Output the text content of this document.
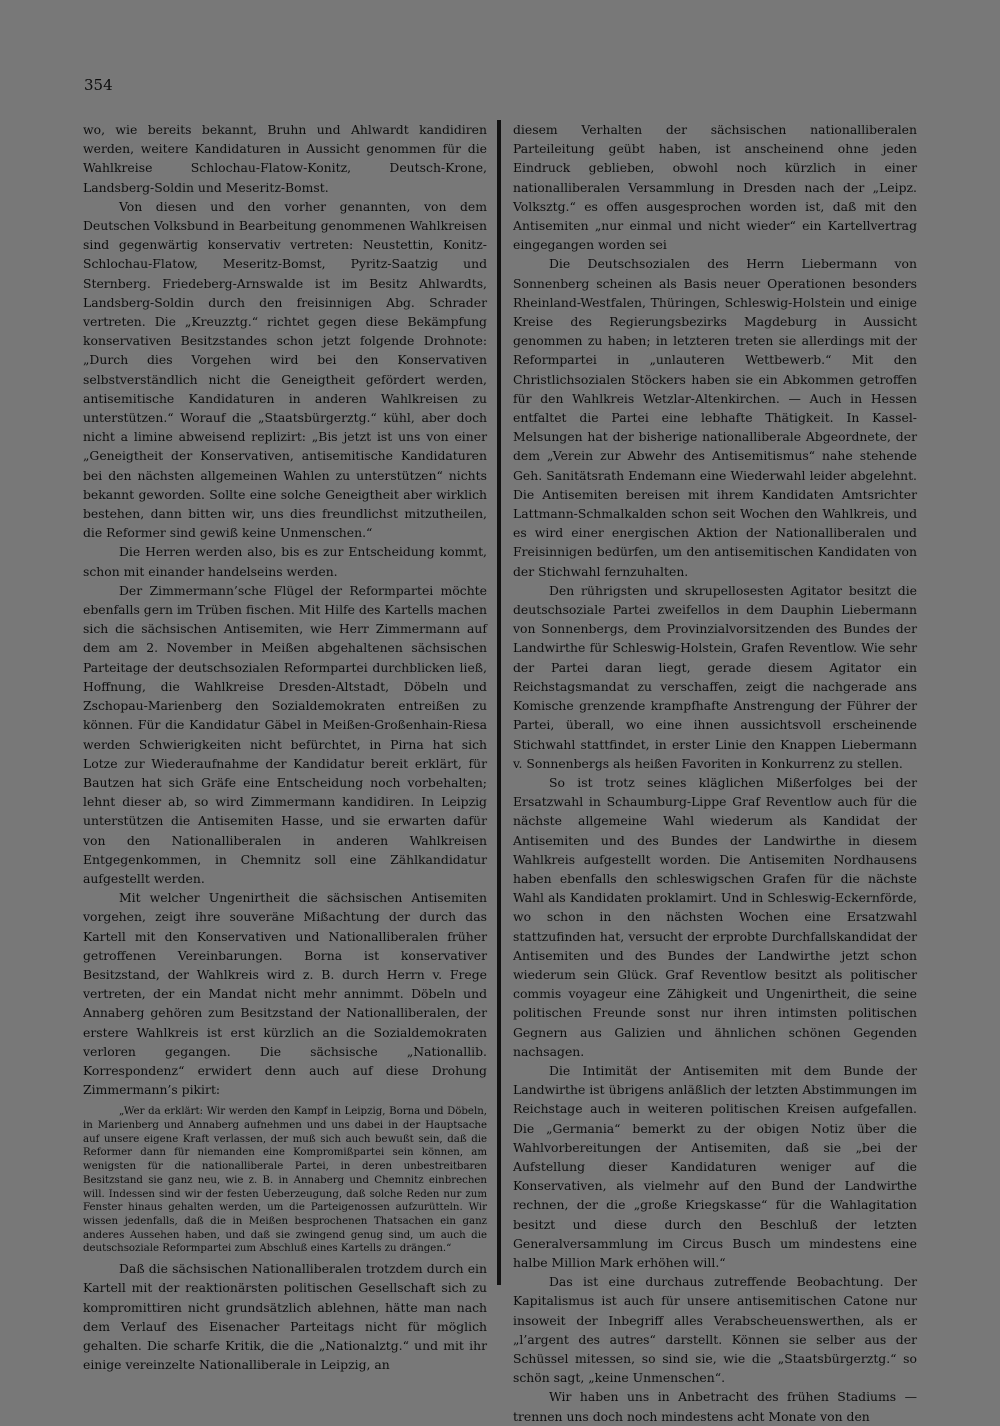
354

wo, wie bereits bekannt, Bruhn und Ahlwardt kandidiren werden, weitere Kandidaturen in Aussicht genommen für die Wahlkreise Schlochau-Flatow-Konitz, Deutsch-Krone, Landsberg-Soldin und Meseritz-Bomst.

Von diesen und den vorher genannten, von dem Deutschen Volksbund in Bearbeitung genommenen Wahlkreisen sind gegenwärtig konservativ vertreten: Neustettin, Konitz-Schlochau-Flatow, Meseritz-Bomst, Pyritz-Saatzig und Sternberg. Friedeberg-Arnswalde ist im Besitz Ahlwardts, Landsberg-Soldin durch den freisinnigen Abg. Schrader vertreten. Die „Kreuzztg.“ richtet gegen diese Bekämpfung konservativen Besitzstandes schon jetzt folgende Drohnote: „Durch dies Vorgehen wird bei den Konservativen selbstverständlich nicht die Geneigtheit gefördert werden, antisemitische Kandidaturen in anderen Wahlkreisen zu unterstützen.“ Worauf die „Staatsbürgerztg.“ kühl, aber doch nicht a limine abweisend replizirt: „Bis jetzt ist uns von einer „Geneigtheit der Konservativen, antisemitische Kandidaturen bei den nächsten allgemeinen Wahlen zu unterstützen“ nichts bekannt geworden. Sollte eine solche Geneigtheit aber wirklich bestehen, dann bitten wir, uns dies freundlichst mitzutheilen, die Reformer sind gewiß keine Unmenschen.“

Die Herren werden also, bis es zur Entscheidung kommt, schon mit einander handelseins werden.

Der Zimmermann’sche Flügel der Reformpartei möchte ebenfalls gern im Trüben fischen. Mit Hilfe des Kartells machen sich die sächsischen Antisemiten, wie Herr Zimmermann auf dem am 2. November in Meißen abgehaltenen sächsischen Parteitage der deutschsozialen Reformpartei durchblicken ließ, Hoffnung, die Wahlkreise Dresden-Altstadt, Döbeln und Zschopau-Marienberg den Sozialdemokraten entreißen zu können. Für die Kandidatur Gäbel in Meißen-Großenhain-Riesa werden Schwierigkeiten nicht befürchtet, in Pirna hat sich Lotze zur Wiederaufnahme der Kandidatur bereit erklärt, für Bautzen hat sich Gräfe eine Entscheidung noch vorbehalten; lehnt dieser ab, so wird Zimmermann kandidiren. In Leipzig unterstützen die Antisemiten Hasse, und sie erwarten dafür von den Nationalliberalen in anderen Wahlkreisen Entgegenkommen, in Chemnitz soll eine Zählkandidatur aufgestellt werden.

Mit welcher Ungenirtheit die sächsischen Antisemiten vorgehen, zeigt ihre souveräne Mißachtung der durch das Kartell mit den Konservativen und Nationalliberalen früher getroffenen Vereinbarungen. Borna ist konservativer Besitzstand, der Wahlkreis wird z. B. durch Herrn v. Frege vertreten, der ein Mandat nicht mehr annimmt. Döbeln und Annaberg gehören zum Besitzstand der Nationalliberalen, der erstere Wahlkreis ist erst kürzlich an die Sozialdemokraten verloren gegangen. Die sächsische „Nationallib. Korrespondenz“ erwidert denn auch auf diese Drohung Zimmermann’s pikirt:

„Wer da erklärt: Wir werden den Kampf in Leipzig, Borna und Döbeln, in Marienberg und Annaberg aufnehmen und uns dabei in der Hauptsache auf unsere eigene Kraft verlassen, der muß sich auch bewußt sein, daß die Reformer dann für niemanden eine Kompromißpartei sein können, am wenigsten für die nationalliberale Partei, in deren unbestreitbaren Besitzstand sie ganz neu, wie z. B. in Annaberg und Chemnitz einbrechen will. Indessen sind wir der festen Ueberzeugung, daß solche Reden nur zum Fenster hinaus gehalten werden, um die Parteigenossen aufzurütteln. Wir wissen jedenfalls, daß die in Meißen besprochenen Thatsachen ein ganz anderes Aussehen haben, und daß sie zwingend genug sind, um auch die deutschsoziale Reformpartei zum Abschluß eines Kartells zu drängen.“

Daß die sächsischen Nationalliberalen trotzdem durch ein Kartell mit der reaktionärsten politischen Gesellschaft sich zu kompromittiren nicht grundsätzlich ablehnen, hätte man nach dem Verlauf des Eisenacher Parteitags nicht für möglich gehalten. Die scharfe Kritik, die die „Nationalztg.“ und mit ihr einige vereinzelte Nationalliberale in Leipzig, an

diesem Verhalten der sächsischen nationalliberalen Parteileitung geübt haben, ist anscheinend ohne jeden Eindruck geblieben, obwohl noch kürzlich in einer nationalliberalen Versammlung in Dresden nach der „Leipz. Volksztg.“ es offen ausgesprochen worden ist, daß mit den Antisemiten „nur einmal und nicht wieder“ ein Kartellvertrag eingegangen worden sei

Die Deutschsozialen des Herrn Liebermann von Sonnenberg scheinen als Basis neuer Operationen besonders Rheinland-Westfalen, Thüringen, Schleswig-Holstein und einige Kreise des Regierungsbezirks Magdeburg in Aussicht genommen zu haben; in letzteren treten sie allerdings mit der Reformpartei in „unlauteren Wettbewerb.“ Mit den Christlichsozialen Stöckers haben sie ein Abkommen getroffen für den Wahlkreis Wetzlar-Altenkirchen. — Auch in Hessen entfaltet die Partei eine lebhafte Thätigkeit. In Kassel-Melsungen hat der bisherige nationalliberale Abgeordnete, der dem „Verein zur Abwehr des Antisemitismus“ nahe stehende Geh. Sanitätsrath Endemann eine Wiederwahl leider abgelehnt. Die Antisemiten bereisen mit ihrem Kandidaten Amtsrichter Lattmann-Schmalkalden schon seit Wochen den Wahlkreis, und es wird einer energischen Aktion der Nationalliberalen und Freisinnigen bedürfen, um den antisemitischen Kandidaten von der Stichwahl fernzuhalten.

Den rührigsten und skrupellosesten Agitator besitzt die deutschsoziale Partei zweifellos in dem Dauphin Liebermann von Sonnenbergs, dem Provinzialvorsitzenden des Bundes der Landwirthe für Schleswig-Holstein, Grafen Reventlow. Wie sehr der Partei daran liegt, gerade diesem Agitator ein Reichstagsmandat zu verschaffen, zeigt die nachgerade ans Komische grenzende krampfhafte Anstrengung der Führer der Partei, überall, wo eine ihnen aussichtsvoll erscheinende Stichwahl stattfindet, in erster Linie den Knappen Liebermann v. Sonnenbergs als heißen Favoriten in Konkurrenz zu stellen.

So ist trotz seines kläglichen Mißerfolges bei der Ersatzwahl in Schaumburg-Lippe Graf Reventlow auch für die nächste allgemeine Wahl wiederum als Kandidat der Antisemiten und des Bundes der Landwirthe in diesem Wahlkreis aufgestellt worden. Die Antisemiten Nordhausens haben ebenfalls den schleswigschen Grafen für die nächste Wahl als Kandidaten proklamirt. Und in Schleswig-Eckernförde, wo schon in den nächsten Wochen eine Ersatzwahl stattzufinden hat, versucht der erprobte Durchfallskandidat der Antisemiten und des Bundes der Landwirthe jetzt schon wiederum sein Glück. Graf Reventlow besitzt als politischer commis voyageur eine Zähigkeit und Ungenirtheit, die seine politischen Freunde sonst nur ihren intimsten politischen Gegnern aus Galizien und ähnlichen schönen Gegenden nachsagen.

Die Intimität der Antisemiten mit dem Bunde der Landwirthe ist übrigens anläßlich der letzten Abstimmungen im Reichstage auch in weiteren politischen Kreisen aufgefallen. Die „Germania“ bemerkt zu der obigen Notiz über die Wahlvorbereitungen der Antisemiten, daß sie „bei der Aufstellung dieser Kandidaturen weniger auf die Konservativen, als vielmehr auf den Bund der Landwirthe rechnen, der die „große Kriegskasse“ für die Wahlagitation besitzt und diese durch den Beschluß der letzten Generalversammlung im Circus Busch um mindestens eine halbe Million Mark erhöhen will.“

Das ist eine durchaus zutreffende Beobachtung. Der Kapitalismus ist auch für unsere antisemitischen Catone nur insoweit der Inbegriff alles Verabscheuenswerthen, als er „l’argent des autres“ darstellt. Können sie selber aus der Schüssel mitessen, so sind sie, wie die „Staatsbürgerztg.“ so schön sagt, „keine Unmenschen“.

Wir haben uns in Anbetracht des frühen Stadiums — trennen uns doch noch mindestens acht Monate von den
